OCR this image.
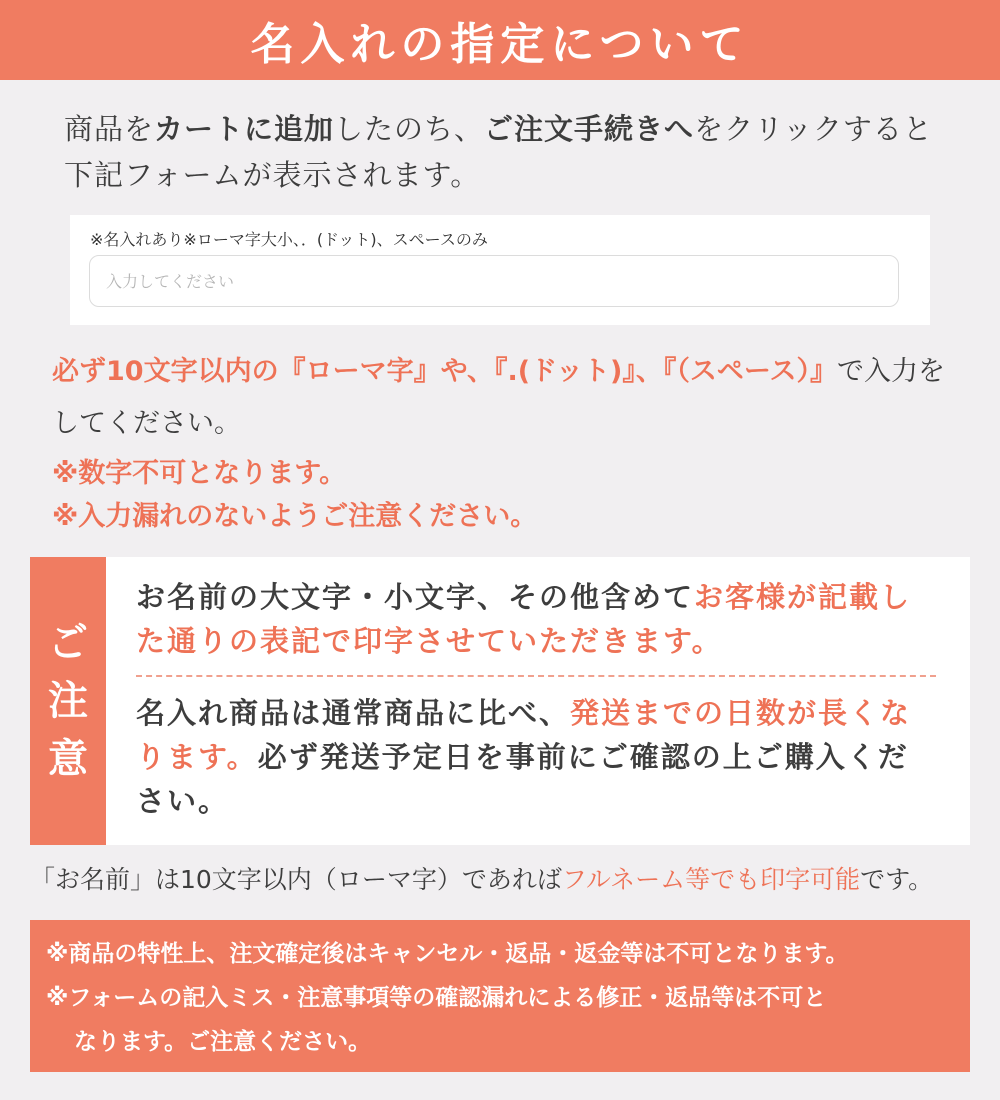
名入れの指定について
商品をカートに追加したのち、ご注文手続きへをクリックすると
下記フォームが表示されます。
※名入れあり※ローマ字大小、．(ドット)、スペースのみ
入力してください
必ず10文字以内の『ローマ字』や、『.(ドット)』、『（スペース）』で入力を
してください。
※数字不可となります。
※入力漏れのないようご注意ください。
ご
注
意
お名前の大文字・小文字、その他含めてお客様が記載した通りの表記で印字させていただきます。
名入れ商品は通常商品に比べ、発送までの日数が長くなります。必ず発送予定日を事前にご確認の上ご購入ください。
「お名前」は10文字以内（ローマ字）であればフルネーム等でも印字可能です。
※商品の特性上、注文確定後はキャンセル・返品・返金等は不可となります。
※フォームの記入ミス・注意事項等の確認漏れによる修正・返品等は不可と
なります。ご注意ください。
